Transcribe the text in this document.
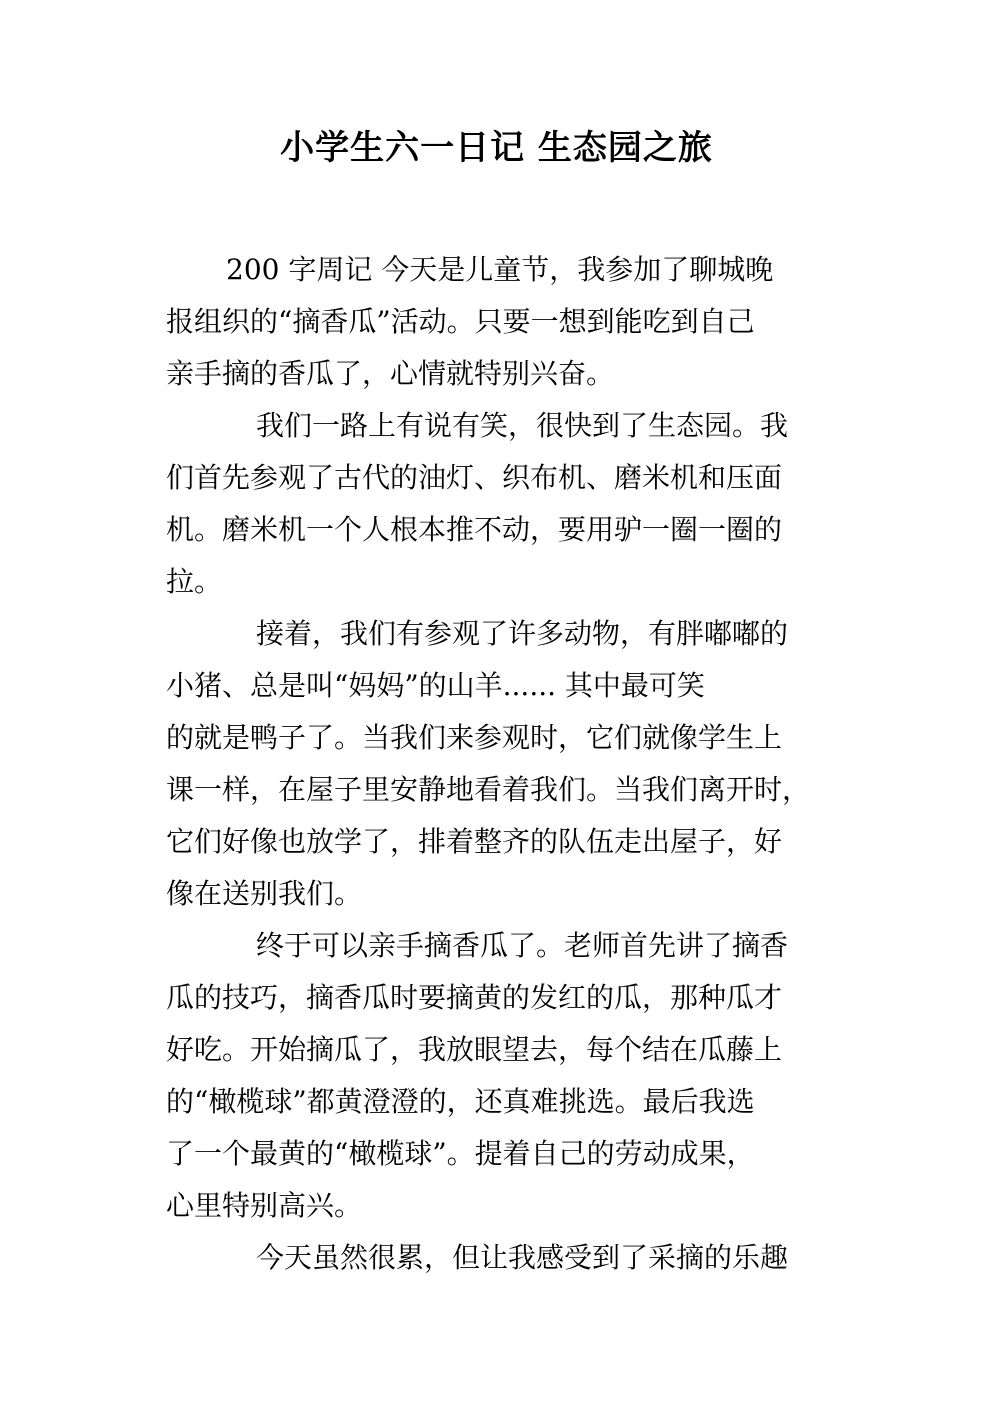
小学生六一日记 生态园之旅
200 字周记 今天是儿童节，我参加了聊城晚
报组织的“摘香瓜”活动。只要一想到能吃到自己
亲手摘的香瓜了，心情就特别兴奋。
我们一路上有说有笑，很快到了生态园。我
们首先参观了古代的油灯、织布机、磨米机和压面
机。磨米机一个人根本推不动，要用驴一圈一圈的
拉。
接着，我们有参观了许多动物，有胖嘟嘟的
小猪、总是叫“妈妈”的山羊...... 其中最可笑
的就是鸭子了。当我们来参观时，它们就像学生上
课一样，在屋子里安静地看着我们。当我们离开时，
它们好像也放学了，排着整齐的队伍走出屋子，好
像在送别我们。
终于可以亲手摘香瓜了。老师首先讲了摘香
瓜的技巧，摘香瓜时要摘黄的发红的瓜，那种瓜才
好吃。开始摘瓜了，我放眼望去，每个结在瓜藤上
的“橄榄球”都黄澄澄的，还真难挑选。最后我选
了一个最黄的“橄榄球”。提着自己的劳动成果，
心里特别高兴。
今天虽然很累，但让我感受到了采摘的乐趣
